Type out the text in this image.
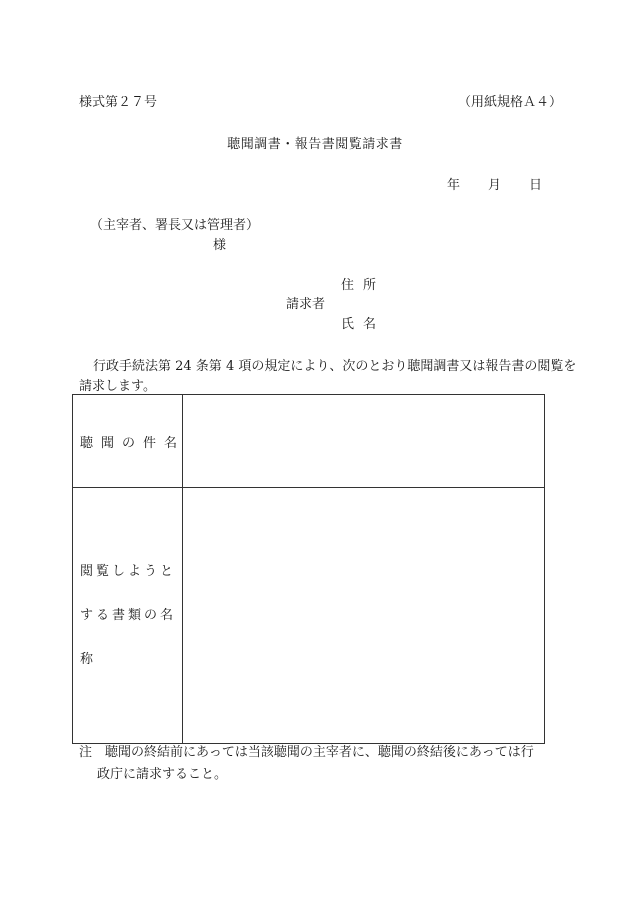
様式第２７号	（用紙規格Ａ４）
聴聞調書・報告書閲覧請求書
年 月 日
（主宰者、署長又は管理者）
様
住所
請求者
氏名
行政手続法第 24 条第 4 項の規定により、次のとおり聴聞調書又は報告書の閲覧を請求します。
聴聞の件名	

閲覧しようとする書類の名称	

注　聴聞の終結前にあっては当該聴聞の主宰者に、聴聞の終結後にあっては行
政庁に請求すること。
